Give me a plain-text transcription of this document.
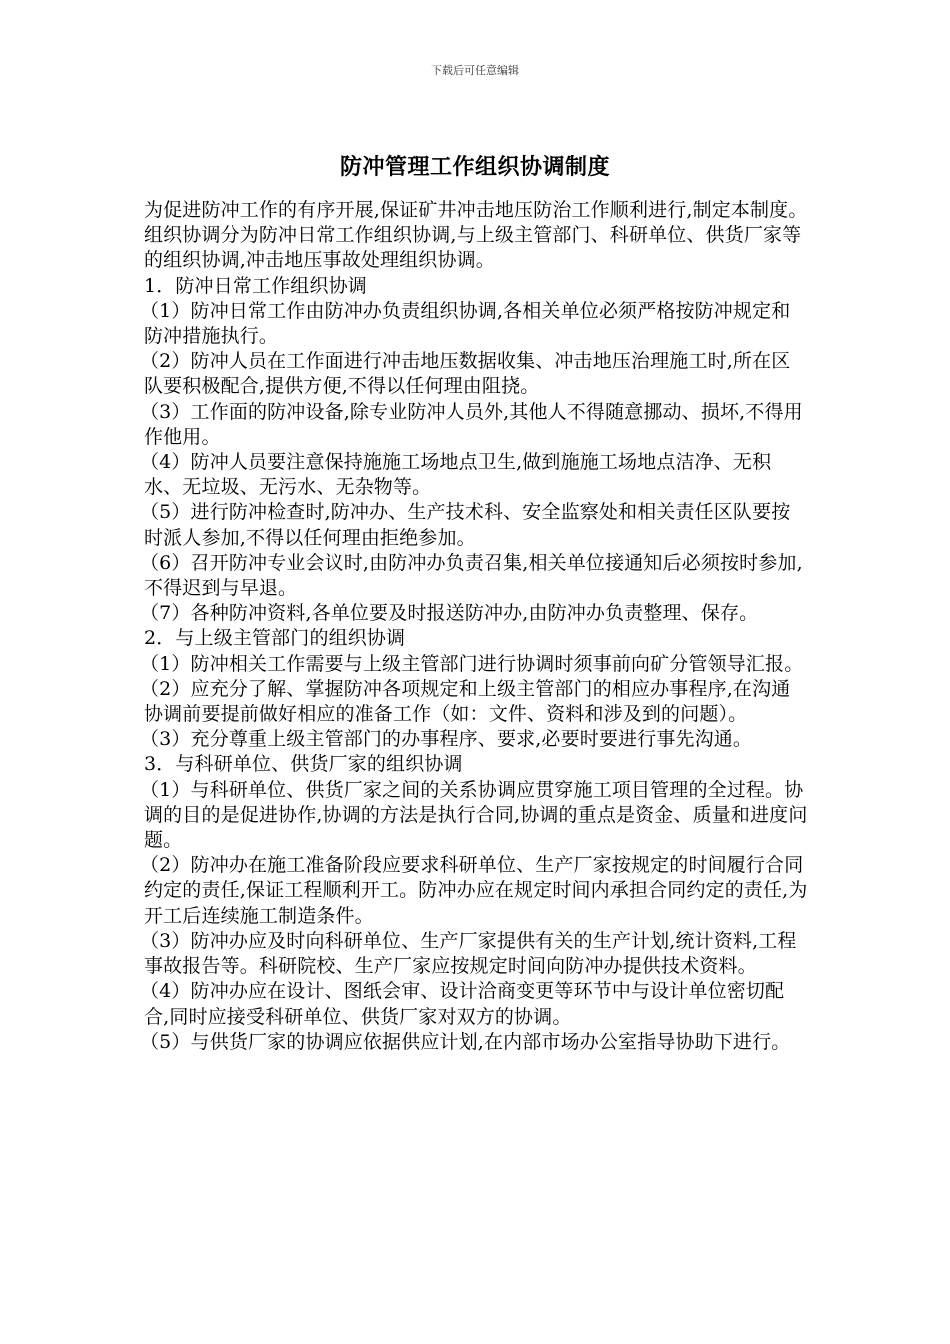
下载后可任意编辑
防冲管理工作组织协调制度

为促进防冲工作的有序开展,保证矿井冲击地压防治工作顺利进行,制定本制度。

组织协调分为防冲日常工作组织协调,与上级主管部门、科研单位、供货厂家等的组织协调,冲击地压事故处理组织协调。

1．防冲日常工作组织协调

（1）防冲日常工作由防冲办负责组织协调,各相关单位必须严格按防冲规定和防冲措施执行。

（2）防冲人员在工作面进行冲击地压数据收集、冲击地压治理施工时,所在区队要积极配合,提供方便,不得以任何理由阻挠。

（3）工作面的防冲设备,除专业防冲人员外,其他人不得随意挪动、损坏,不得用作他用。

（4）防冲人员要注意保持施施工场地点卫生,做到施施工场地点洁净、无积水、无垃圾、无污水、无杂物等。

（5）进行防冲检查时,防冲办、生产技术科、安全监察处和相关责任区队要按时派人参加,不得以任何理由拒绝参加。

（6）召开防冲专业会议时,由防冲办负责召集,相关单位接通知后必须按时参加,不得迟到与早退。

（7）各种防冲资料,各单位要及时报送防冲办,由防冲办负责整理、保存。

2．与上级主管部门的组织协调

（1）防冲相关工作需要与上级主管部门进行协调时须事前向矿分管领导汇报。

（2）应充分了解、掌握防冲各项规定和上级主管部门的相应办事程序,在沟通协调前要提前做好相应的准备工作（如：文件、资料和涉及到的问题）。

（3）充分尊重上级主管部门的办事程序、要求,必要时要进行事先沟通。

3．与科研单位、供货厂家的组织协调

（1）与科研单位、供货厂家之间的关系协调应贯穿施工项目管理的全过程。协调的目的是促进协作,协调的方法是执行合同,协调的重点是资金、质量和进度问题。

（2）防冲办在施工准备阶段应要求科研单位、生产厂家按规定的时间履行合同约定的责任,保证工程顺利开工。防冲办应在规定时间内承担合同约定的责任,为开工后连续施工制造条件。

（3）防冲办应及时向科研单位、生产厂家提供有关的生产计划,统计资料,工程事故报告等。科研院校、生产厂家应按规定时间向防冲办提供技术资料。

（4）防冲办应在设计、图纸会审、设计洽商变更等环节中与设计单位密切配合,同时应接受科研单位、供货厂家对双方的协调。

（5）与供货厂家的协调应依据供应计划,在内部市场办公室指导协助下进行。
